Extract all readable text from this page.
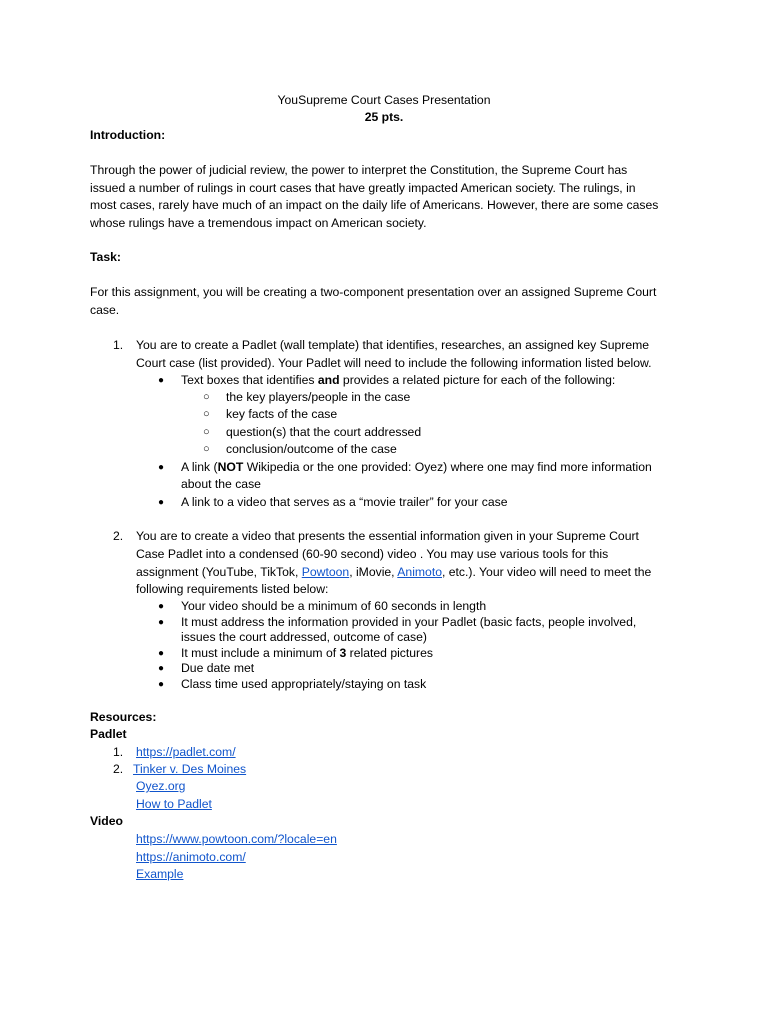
YouSupreme Court Cases Presentation
25 pts.
Introduction:
Through the power of judicial review, the power to interpret the Constitution, the Supreme Court has
issued a number of rulings in court cases that have greatly impacted American society. The rulings, in
most cases, rarely have much of an impact on the daily life of Americans. However, there are some cases
whose rulings have a tremendous impact on American society.
Task:
For this assignment, you will be creating a two-component presentation over an assigned Supreme Court
case.
1. You are to create a Padlet (wall template) that identifies, researches, an assigned key Supreme
Court case (list provided). Your Padlet will need to include the following information listed below.
● Text boxes that identifies and provides a related picture for each of the following:
○ the key players/people in the case
○ key facts of the case
○ question(s) that the court addressed
○ conclusion/outcome of the case
● A link (NOT Wikipedia or the one provided: Oyez) where one may find more information
about the case
● A link to a video that serves as a “movie trailer” for your case
2. You are to create a video that presents the essential information given in your Supreme Court
Case Padlet into a condensed (60-90 second) video . You may use various tools for this
assignment (YouTube, TikTok, Powtoon, iMovie, Animoto, etc.). Your video will need to meet the
following requirements listed below:
● Your video should be a minimum of 60 seconds in length
● It must address the information provided in your Padlet (basic facts, people involved,
issues the court addressed, outcome of case)
● It must include a minimum of 3 related pictures
● Due date met
● Class time used appropriately/staying on task
Resources:
Padlet
1. https://padlet.com/
2. Tinker v. Des Moines
Oyez.org
How to Padlet
Video
https://www.powtoon.com/?locale=en
https://animoto.com/
Example
